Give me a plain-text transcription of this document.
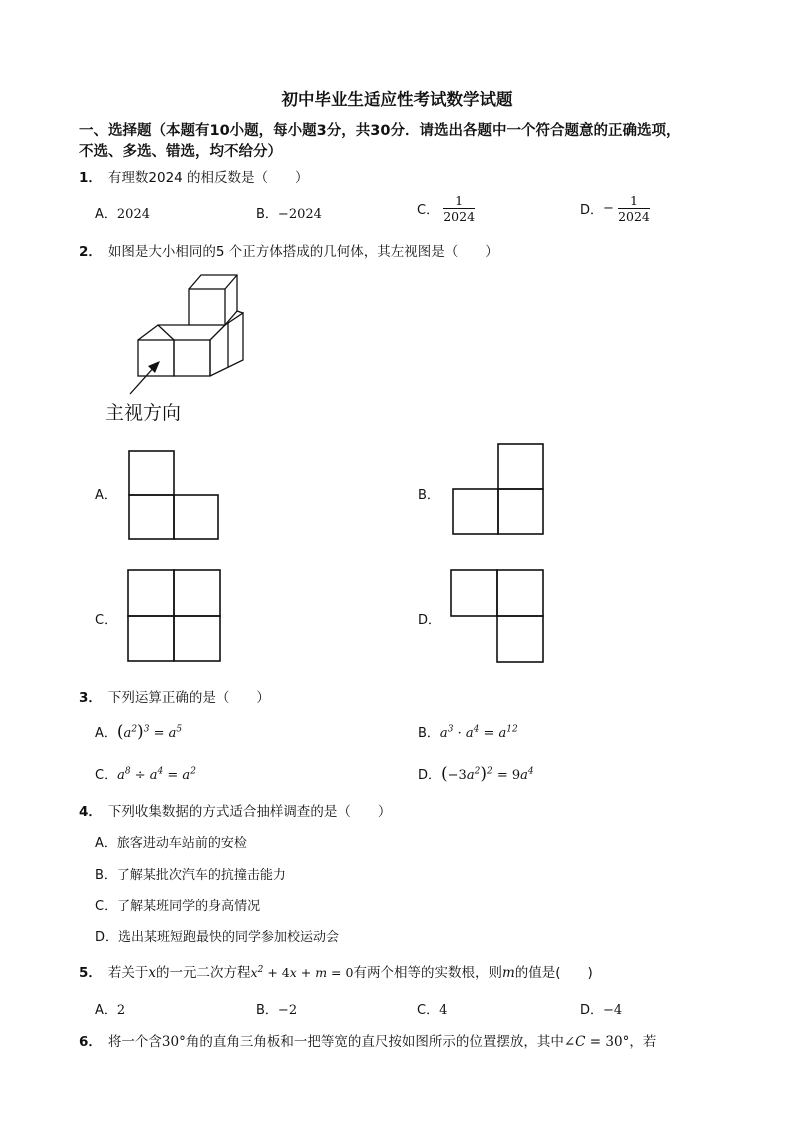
初中毕业生适应性考试数学试题
一、选择题（本题有10小题，每小题3分，共30分．请选出各题中一个符合题意的正确选项，
不选、多选、错选，均不给分）
1． 有理数2024 的相反数是（　　）
A．2024	B．−2024	C． $\frac{1}{2024}$	D．− $\frac{1}{2024}$
2． 如图是大小相同的5 个正方体搭成的几何体，其左视图是（　　）
主视方向
A．	B．
C．	D．
3． 下列运算正确的是（　　）
A．$(a^2)^3 = a^5$	B．$a^3 \cdot a^4 = a^{12}$
C．$a^8 \div a^4 = a^2$	D．$(-3a^2)^2 = 9a^4$
4． 下列收集数据的方式适合抽样调查的是（　　）
A．旅客进动车站前的安检
B．了解某批次汽车的抗撞击能力
C．了解某班同学的身高情况
D．选出某班短跑最快的同学参加校运动会
5． 若关于x的一元二次方程$x^2 + 4x + m = 0$有两个相等的实数根，则m的值是(　　)
A．2	B．−2	C．4	D．−4
6． 将一个含30°角的直角三角板和一把等宽的直尺按如图所示的位置摆放，其中∠C = 30°，若
